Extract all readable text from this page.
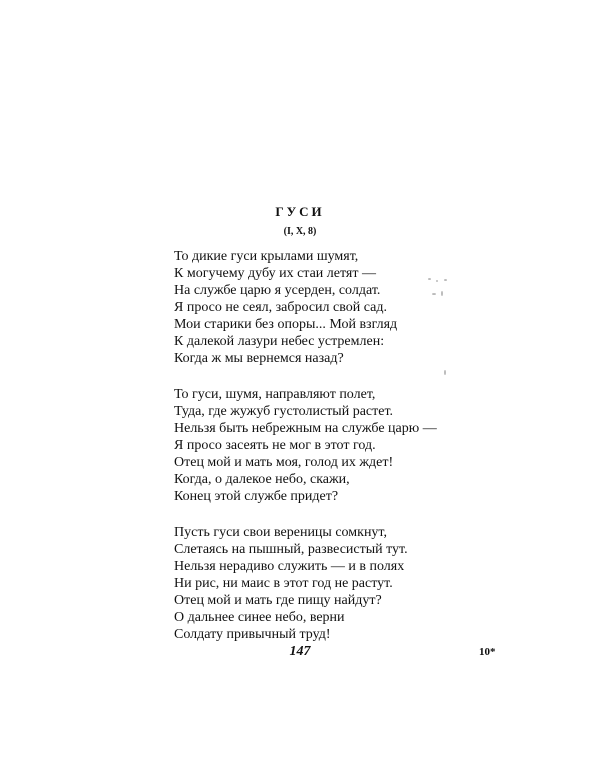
ГУСИ
(I, X, 8)
То дикие гуси крылами шумят,
К могучему дубу их стаи летят —
На службе царю я усерден, солдат.
Я просо не сеял, забросил свой сад.
Мои старики без опоры... Мой взгляд
К далекой лазури небес устремлен:
Когда ж мы вернемся назад?
То гуси, шумя, направляют полет,
Туда, где жужуб густолистый растет.
Нельзя быть небрежным на службе царю —
Я просо засеять не мог в этот год.
Отец мой и мать моя, голод их ждет!
Когда, о далекое небо, скажи,
Конец этой службе придет?
Пусть гуси свои вереницы сомкнут,
Слетаясь на пышный, развесистый тут.
Нельзя нерадиво служить — и в полях
Ни рис, ни маис в этот год не растут.
Отец мой и мать где пищу найдут?
О дальнее синее небо, верни
Солдату привычный труд!
147	10*
